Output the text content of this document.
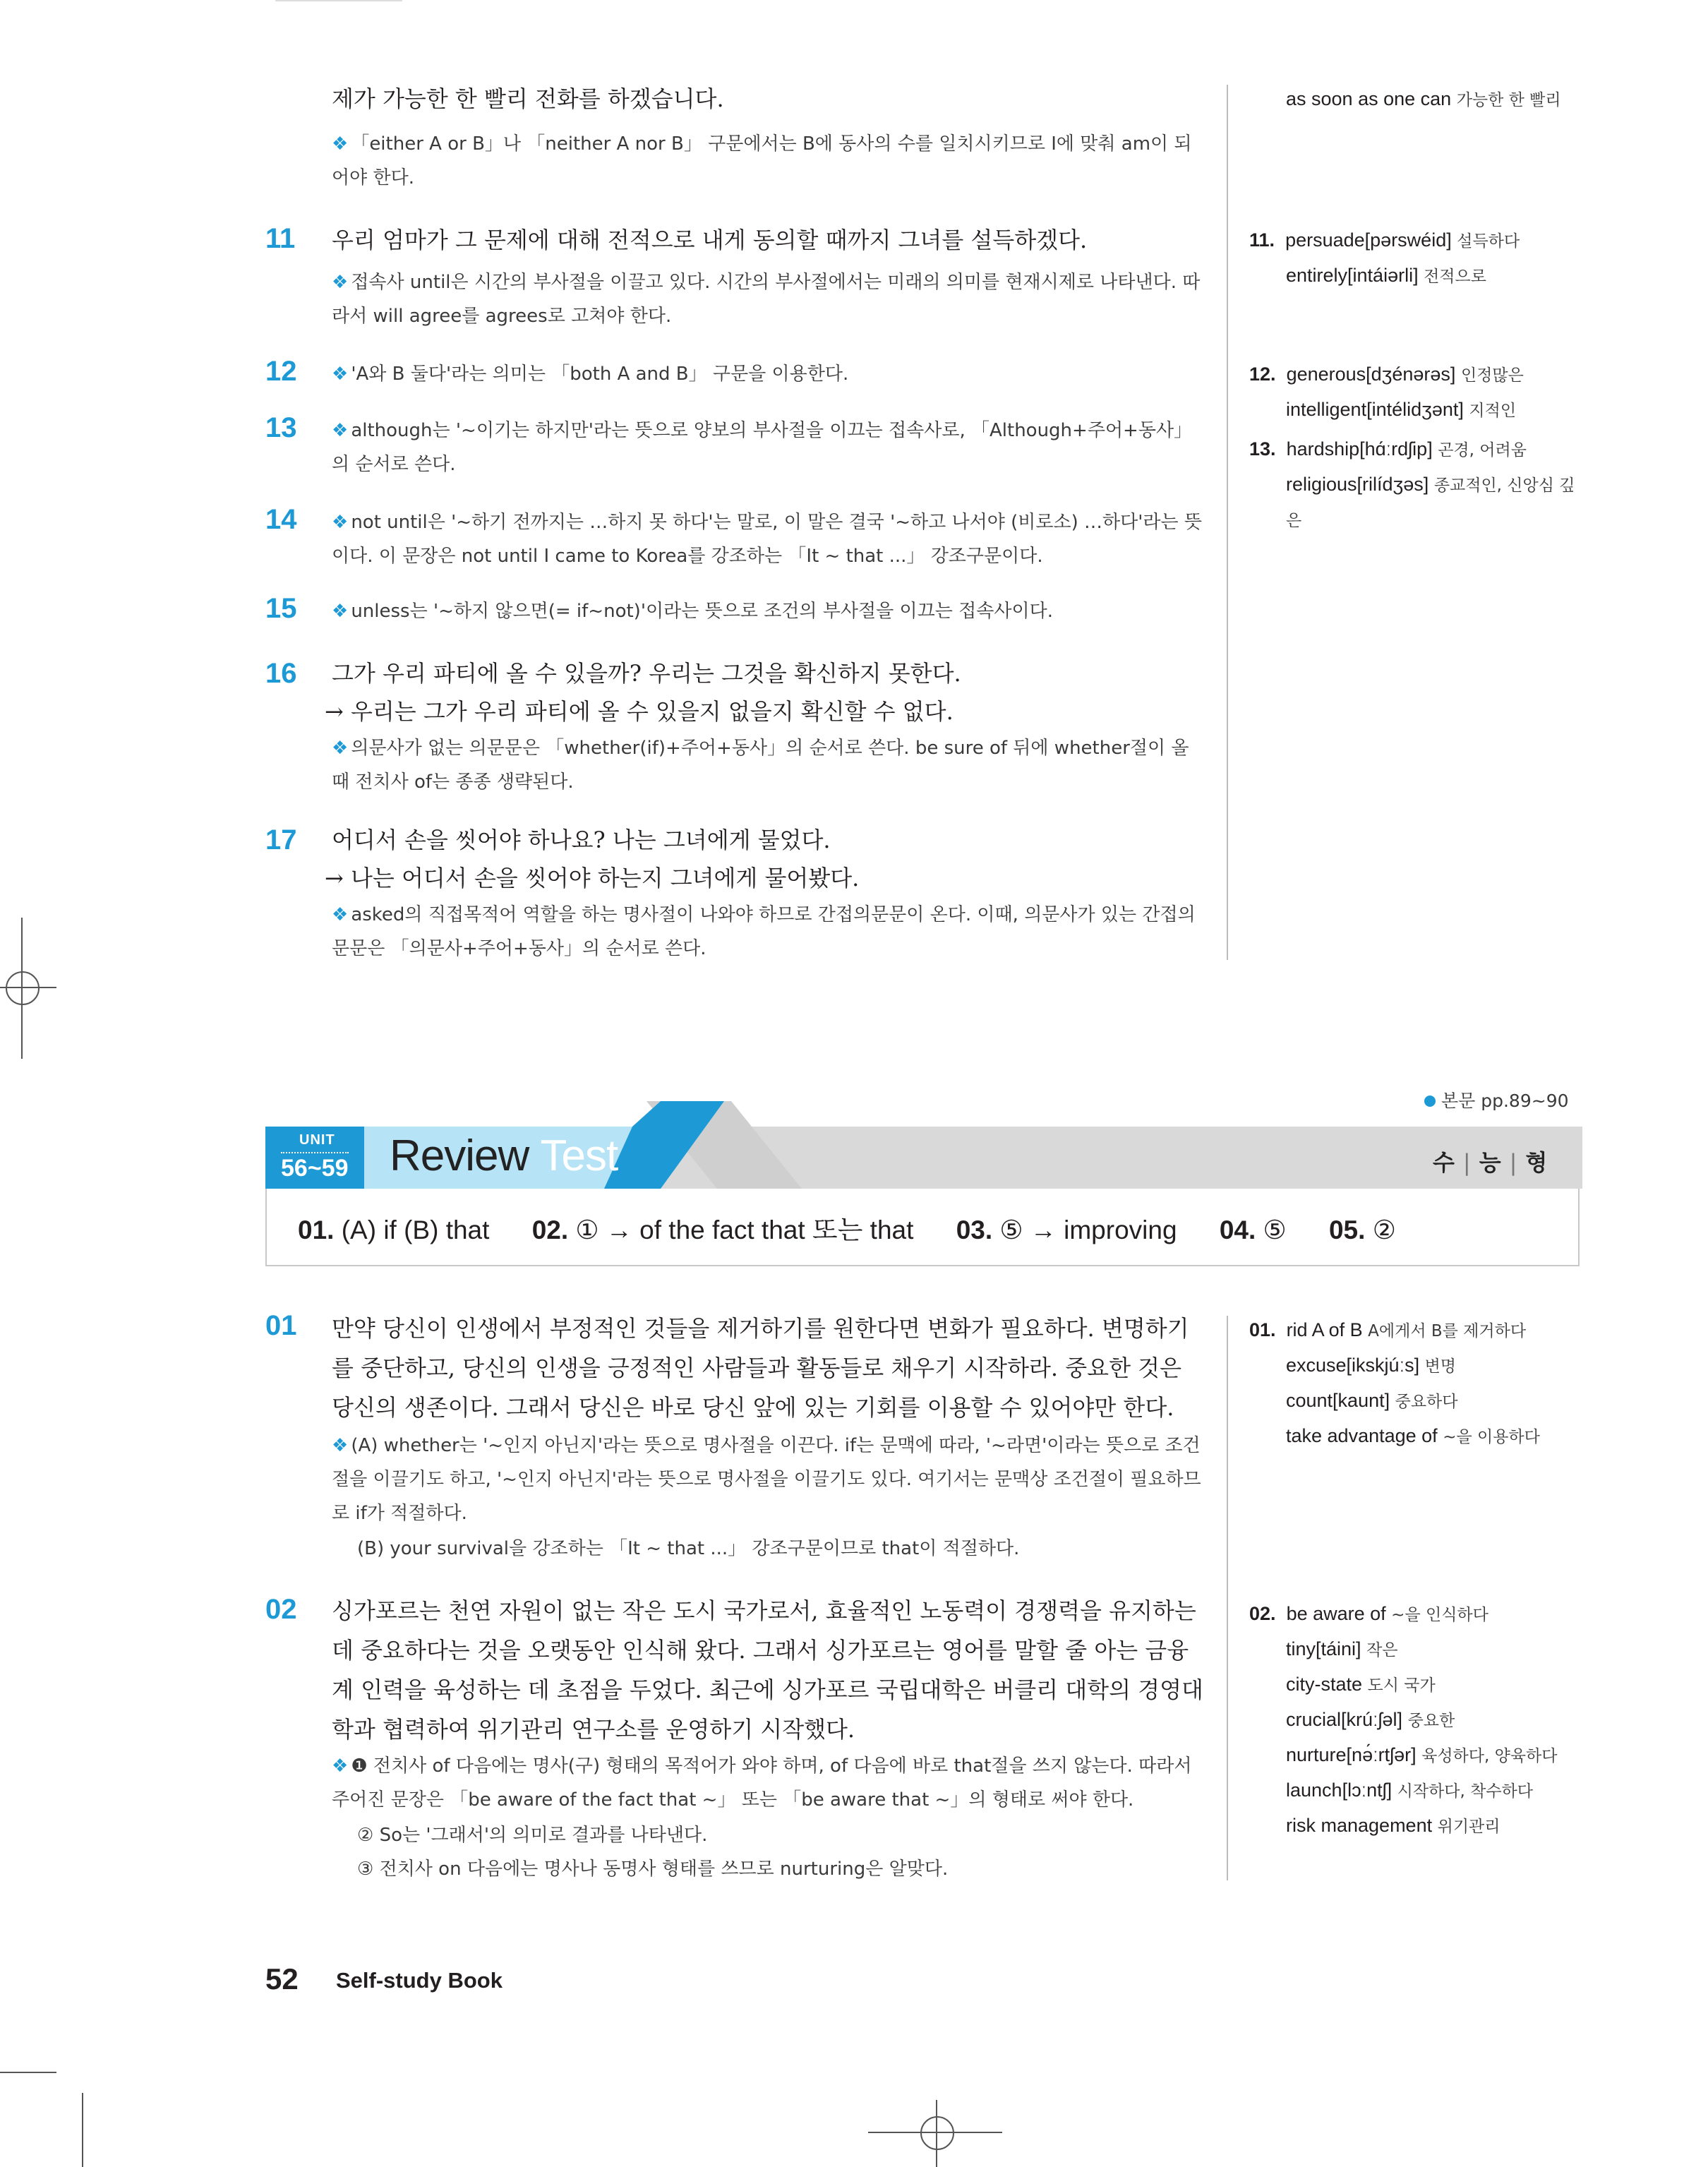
제가 가능한 한 빨리 전화를 하겠습니다.
❖ 「either A or B」나 「neither A nor B」 구문에서는 B에 동사의 수를 일치시키므로 I에 맞춰 am이 되어야 한다.
as soon as one can 가능한 한 빨리
11 우리 엄마가 그 문제에 대해 전적으로 내게 동의할 때까지 그녀를 설득하겠다.
❖ 접속사 until은 시간의 부사절을 이끌고 있다. 시간의 부사절에서는 미래의 의미를 현재시제로 나타낸다. 따라서 will agree를 agrees로 고쳐야 한다.
12 ❖ 'A와 B 둘다'라는 의미는 「both A and B」 구문을 이용한다.
13 ❖ although는 '~이기는 하지만'라는 뜻으로 양보의 부사절을 이끄는 접속사로, 「Although+주어+동사」의 순서로 쓴다.
14 ❖ not until은 '~하기 전까지는 …하지 못 하다'는 말로, 이 말은 결국 '~하고 나서야 (비로소) …하다'라는 뜻이다. 이 문장은 not until I came to Korea를 강조하는 「It ~ that ...」 강조구문이다.
15 ❖ unless는 '~하지 않으면(= if~not)'이라는 뜻으로 조건의 부사절을 이끄는 접속사이다.
16 그가 우리 파티에 올 수 있을까? 우리는 그것을 확신하지 못한다.
→ 우리는 그가 우리 파티에 올 수 있을지 없을지 확신할 수 없다.
❖ 의문사가 없는 의문문은 「whether(if)+주어+동사」의 순서로 쓴다. be sure of 뒤에 whether절이 올 때 전치사 of는 종종 생략된다.
17 어디서 손을 씻어야 하나요? 나는 그녀에게 물었다.
→ 나는 어디서 손을 씻어야 하는지 그녀에게 물어봤다.
❖ asked의 직접목적어 역할을 하는 명사절이 나와야 하므로 간접의문문이 온다. 이때, 의문사가 있는 간접의문문은 「의문사+주어+동사」의 순서로 쓴다.
11. persuade[pərswéid] 설득하다
entirely[intáiərli] 전적으로
12. generous[dʒénərəs] 인정많은
intelligent[intélidʒənt] 지적인
13. hardship[hɑ́ːrdʃip] 곤경, 어려움
religious[rilídʒəs] 종교적인, 신앙심 깊은
본문 pp.89~90
UNIT
56~59 Review Test	수 | 능 | 형
01. (A) if (B) that 02. ① → of the fact that 또는 that 03. ⑤ → improving 04. ⑤ 05. ②
01 만약 당신이 인생에서 부정적인 것들을 제거하기를 원한다면 변화가 필요하다. 변명하기를 중단하고, 당신의 인생을 긍정적인 사람들과 활동들로 채우기 시작하라. 중요한 것은 당신의 생존이다. 그래서 당신은 바로 당신 앞에 있는 기회를 이용할 수 있어야만 한다.
❖ (A) whether는 '~인지 아닌지'라는 뜻으로 명사절을 이끈다. if는 문맥에 따라, '~라면'이라는 뜻으로 조건절을 이끌기도 하고, '~인지 아닌지'라는 뜻으로 명사절을 이끌기도 있다. 여기서는 문맥상 조건절이 필요하므로 if가 적절하다.
(B) your survival을 강조하는 「It ~ that ...」 강조구문이므로 that이 적절하다.
01. rid A of B A에게서 B를 제거하다
excuse[ikskjúːs] 변명
count[kaunt] 중요하다
take advantage of ~을 이용하다
02 싱가포르는 천연 자원이 없는 작은 도시 국가로서, 효율적인 노동력이 경쟁력을 유지하는 데 중요하다는 것을 오랫동안 인식해 왔다. 그래서 싱가포르는 영어를 말할 줄 아는 금융계 인력을 육성하는 데 초점을 두었다. 최근에 싱가포르 국립대학은 버클리 대학의 경영대학과 협력하여 위기관리 연구소를 운영하기 시작했다.
❖ ❶ 전치사 of 다음에는 명사(구) 형태의 목적어가 와야 하며, of 다음에 바로 that절을 쓰지 않는다. 따라서 주어진 문장은 「be aware of the fact that ~」 또는 「be aware that ~」의 형태로 써야 한다.
② So는 '그래서'의 의미로 결과를 나타낸다.
③ 전치사 on 다음에는 명사나 동명사 형태를 쓰므로 nurturing은 알맞다.
02. be aware of ~을 인식하다
tiny[táini] 작은
city-state 도시 국가
crucial[krúːʃəl] 중요한
nurture[nə́ːrtʃər] 육성하다, 양육하다
launch[lɔːntʃ] 시작하다, 착수하다
risk management 위기관리
52 Self-study Book
